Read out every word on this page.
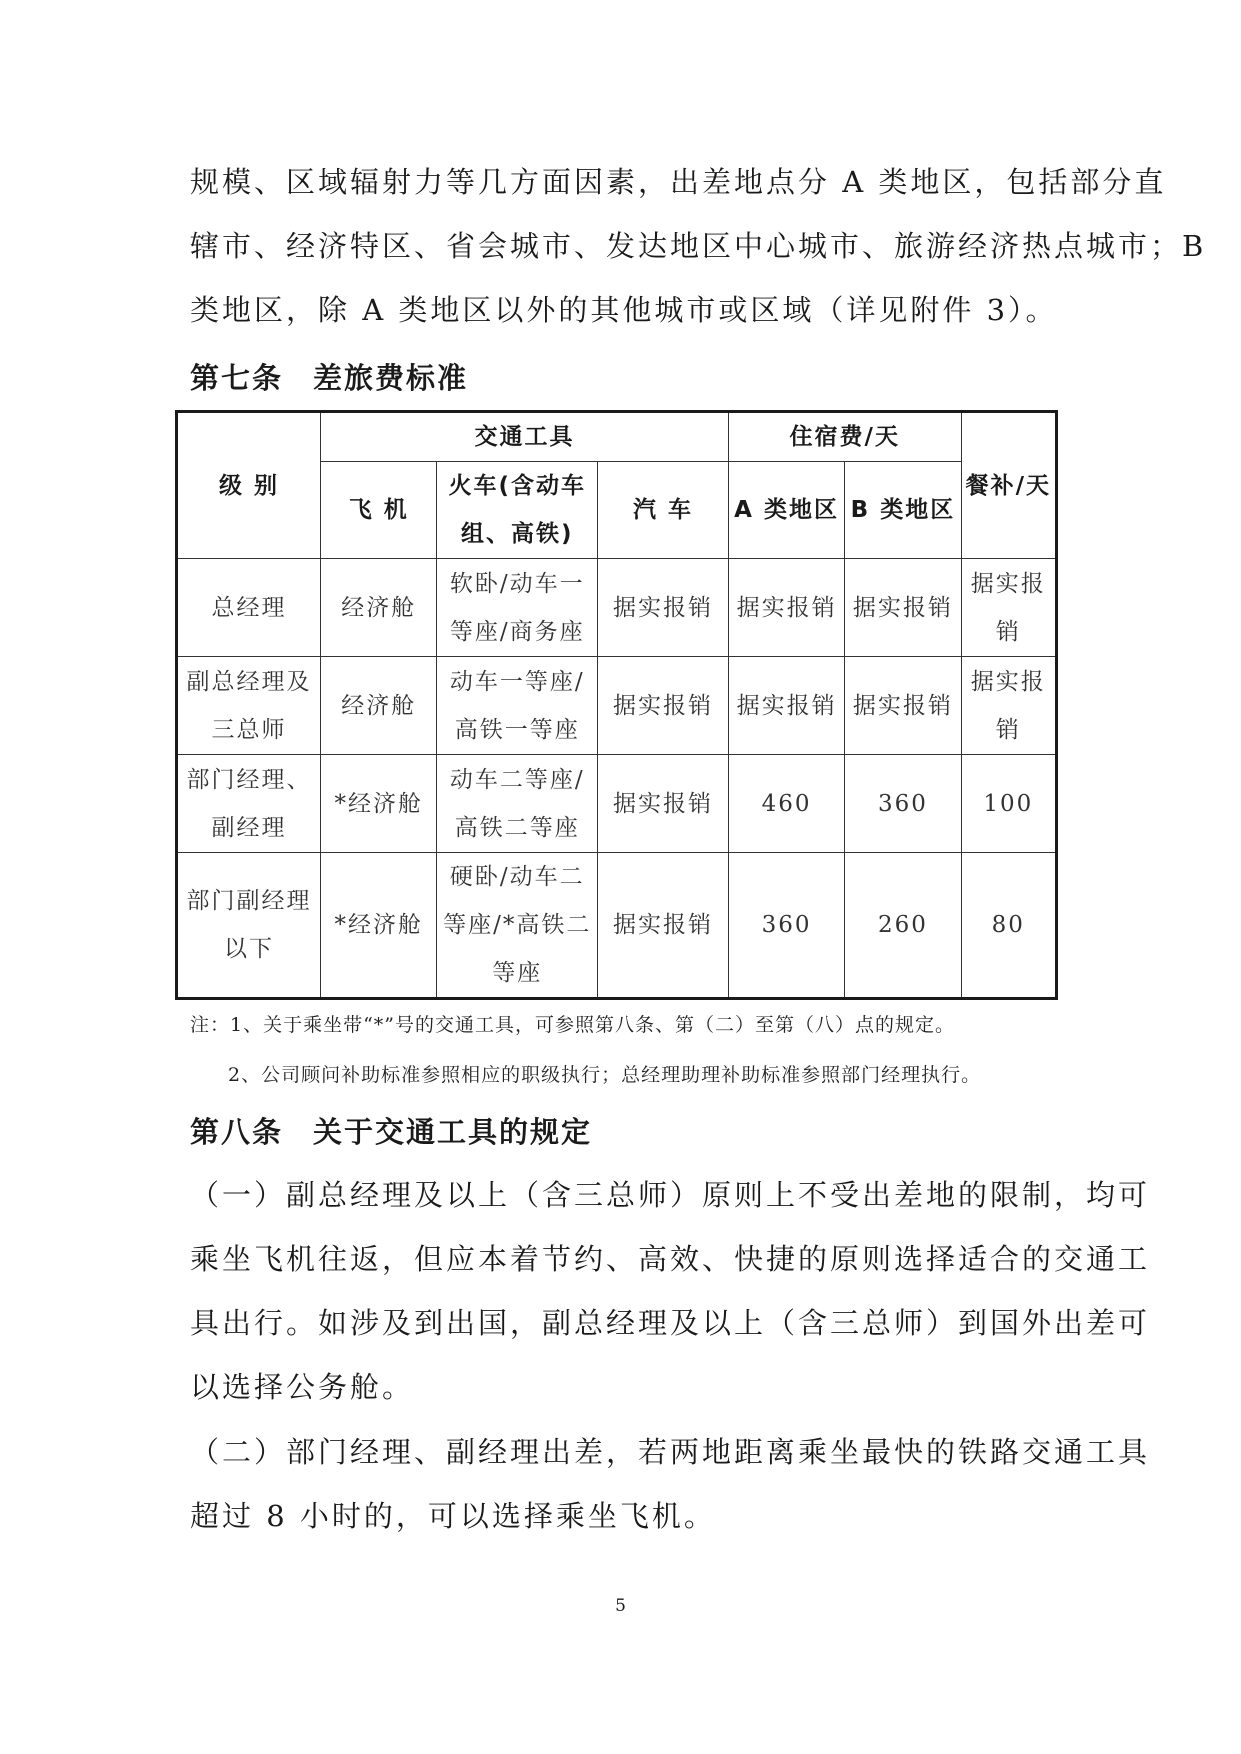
规模、区域辐射力等几方面因素，出差地点分 A 类地区，包括部分直
辖市、经济特区、省会城市、发达地区中心城市、旅游经济热点城市；B
类地区，除 A 类地区以外的其他城市或区域（详见附件 3）。

第七条 差旅费标准
级 别	交通工具			住宿费/天		餐补/天
	飞 机	火车(含动车组、高铁)	汽 车	A 类地区	B 类地区	
总经理	经济舱	软卧/动车一等座/商务座	据实报销	据实报销	据实报销	据实报销
副总经理及三总师	经济舱	动车一等座/高铁一等座	据实报销	据实报销	据实报销	据实报销
部门经理、副经理	*经济舱	动车二等座/高铁二等座	据实报销	460	360	100
部门副经理以下	*经济舱	硬卧/动车二等座/*高铁二等座	据实报销	360	260	80

注：1、关于乘坐带“*”号的交通工具，可参照第八条、第（二）至第（八）点的规定。

2、公司顾问补助标准参照相应的职级执行；总经理助理补助标准参照部门经理执行。

第八条 关于交通工具的规定

（一）副总经理及以上（含三总师）原则上不受出差地的限制，均可
乘坐飞机往返，但应本着节约、高效、快捷的原则选择适合的交通工
具出行。如涉及到出国，副总经理及以上（含三总师）到国外出差可
以选择公务舱。

（二）部门经理、副经理出差，若两地距离乘坐最快的铁路交通工具
超过 8 小时的，可以选择乘坐飞机。

5
